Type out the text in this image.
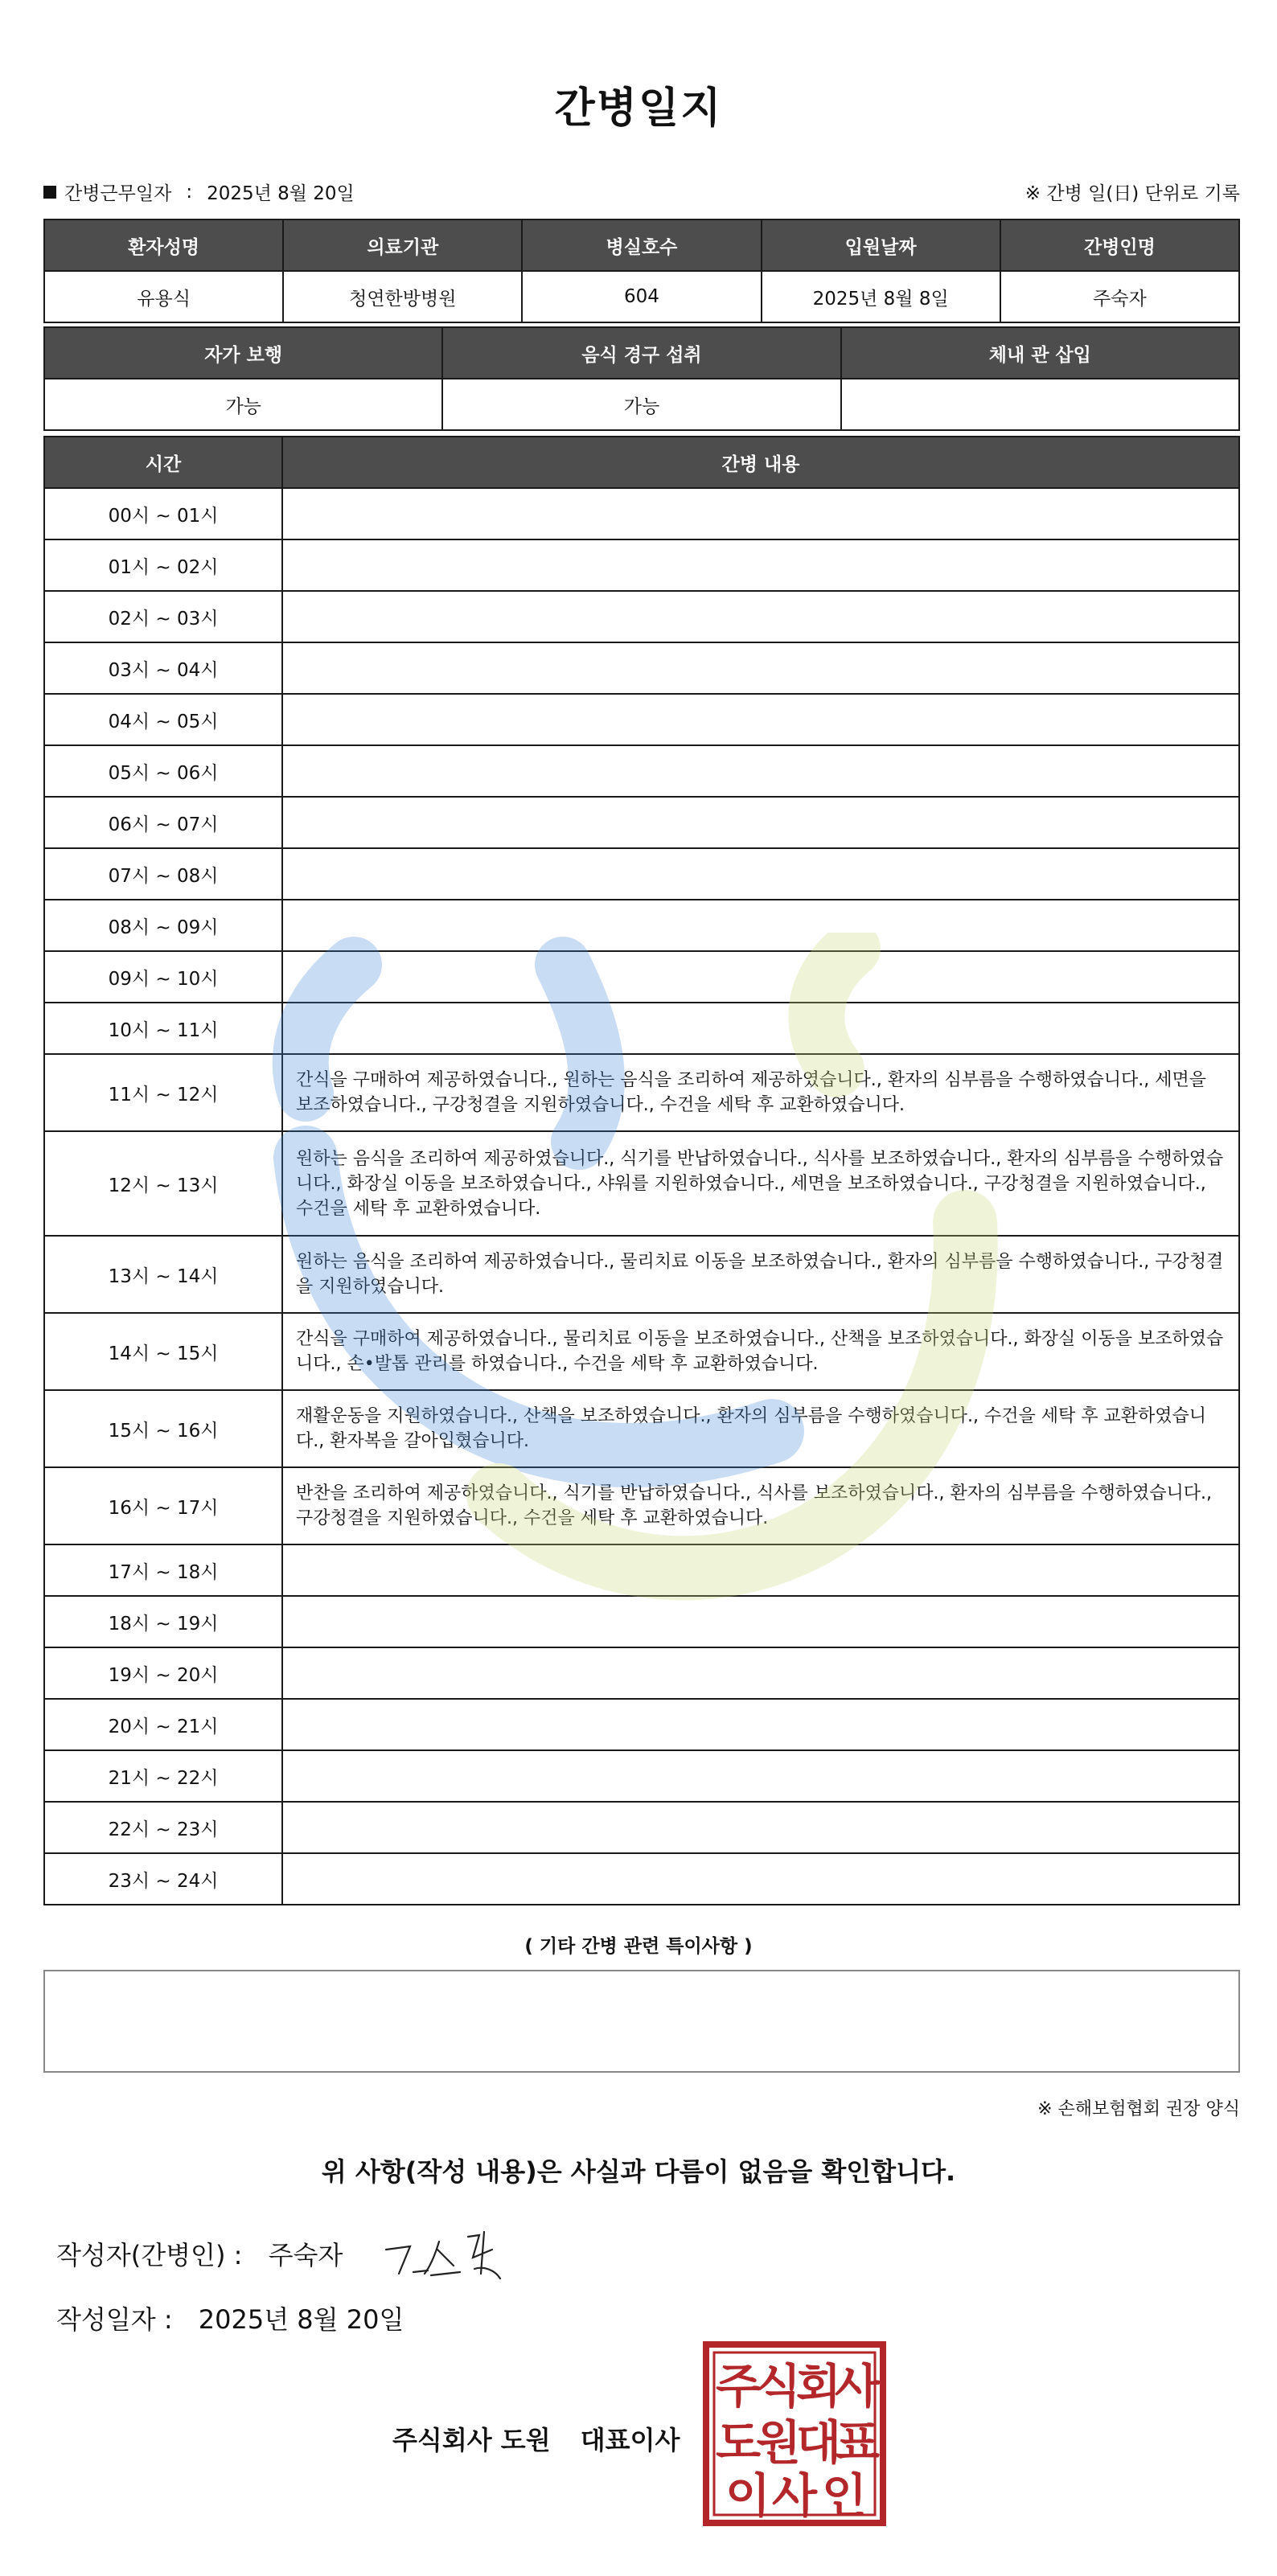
간병일지
간병근무일자 : 2025년 8월 20일	※ 간병 일(日) 단위로 기록
환자성명	의료기관	병실호수	입원날짜	간병인명
유용식	청연한방병원	604	2025년 8월 8일	주숙자
자가 보행	음식 경구 섭취	체내 관 삽입
가능	가능	
시간	간병 내용
00시 ~ 01시	
01시 ~ 02시	
02시 ~ 03시	
03시 ~ 04시	
04시 ~ 05시	
05시 ~ 06시	
06시 ~ 07시	
07시 ~ 08시	
08시 ~ 09시	
09시 ~ 10시	
10시 ~ 11시	
11시 ~ 12시	간식을 구매하여 제공하였습니다., 원하는 음식을 조리하여 제공하였습니다., 환자의 심부름을 수행하였습니다., 세면을 보조하였습니다., 구강청결을 지원하였습니다., 수건을 세탁 후 교환하였습니다.
12시 ~ 13시	원하는 음식을 조리하여 제공하였습니다., 식기를 반납하였습니다., 식사를 보조하였습니다., 환자의 심부름을 수행하였습니다., 화장실 이동을 보조하였습니다., 샤워를 지원하였습니다., 세면을 보조하였습니다., 구강청결을 지원하였습니다., 수건을 세탁 후 교환하였습니다.
13시 ~ 14시	원하는 음식을 조리하여 제공하였습니다., 물리치료 이동을 보조하였습니다., 환자의 심부름을 수행하였습니다., 구강청결을 지원하였습니다.
14시 ~ 15시	간식을 구매하여 제공하였습니다., 물리치료 이동을 보조하였습니다., 산책을 보조하였습니다., 화장실 이동을 보조하였습니다., 손•발톱 관리를 하였습니다., 수건을 세탁 후 교환하였습니다.
15시 ~ 16시	재활운동을 지원하였습니다., 산책을 보조하였습니다., 환자의 심부름을 수행하였습니다., 수건을 세탁 후 교환하였습니다., 환자복을 갈아입혔습니다.
16시 ~ 17시	반찬을 조리하여 제공하였습니다., 식기를 반납하였습니다., 식사를 보조하였습니다., 환자의 심부름을 수행하였습니다., 구강청결을 지원하였습니다., 수건을 세탁 후 교환하였습니다.
17시 ~ 18시	
18시 ~ 19시	
19시 ~ 20시	
20시 ~ 21시	
21시 ~ 22시	
22시 ~ 23시	
23시 ~ 24시	
( 기타 간병 관련 특이사항 )
※ 손해보험협회 권장 양식
위 사항(작성 내용)은 사실과 다름이 없음을 확인합니다.
작성자(간병인) : 주숙자
작성일자 : 2025년 8월 20일
주식회사 도원 대표이사
주
식
회
사
도
원
대
표
이 사 인
